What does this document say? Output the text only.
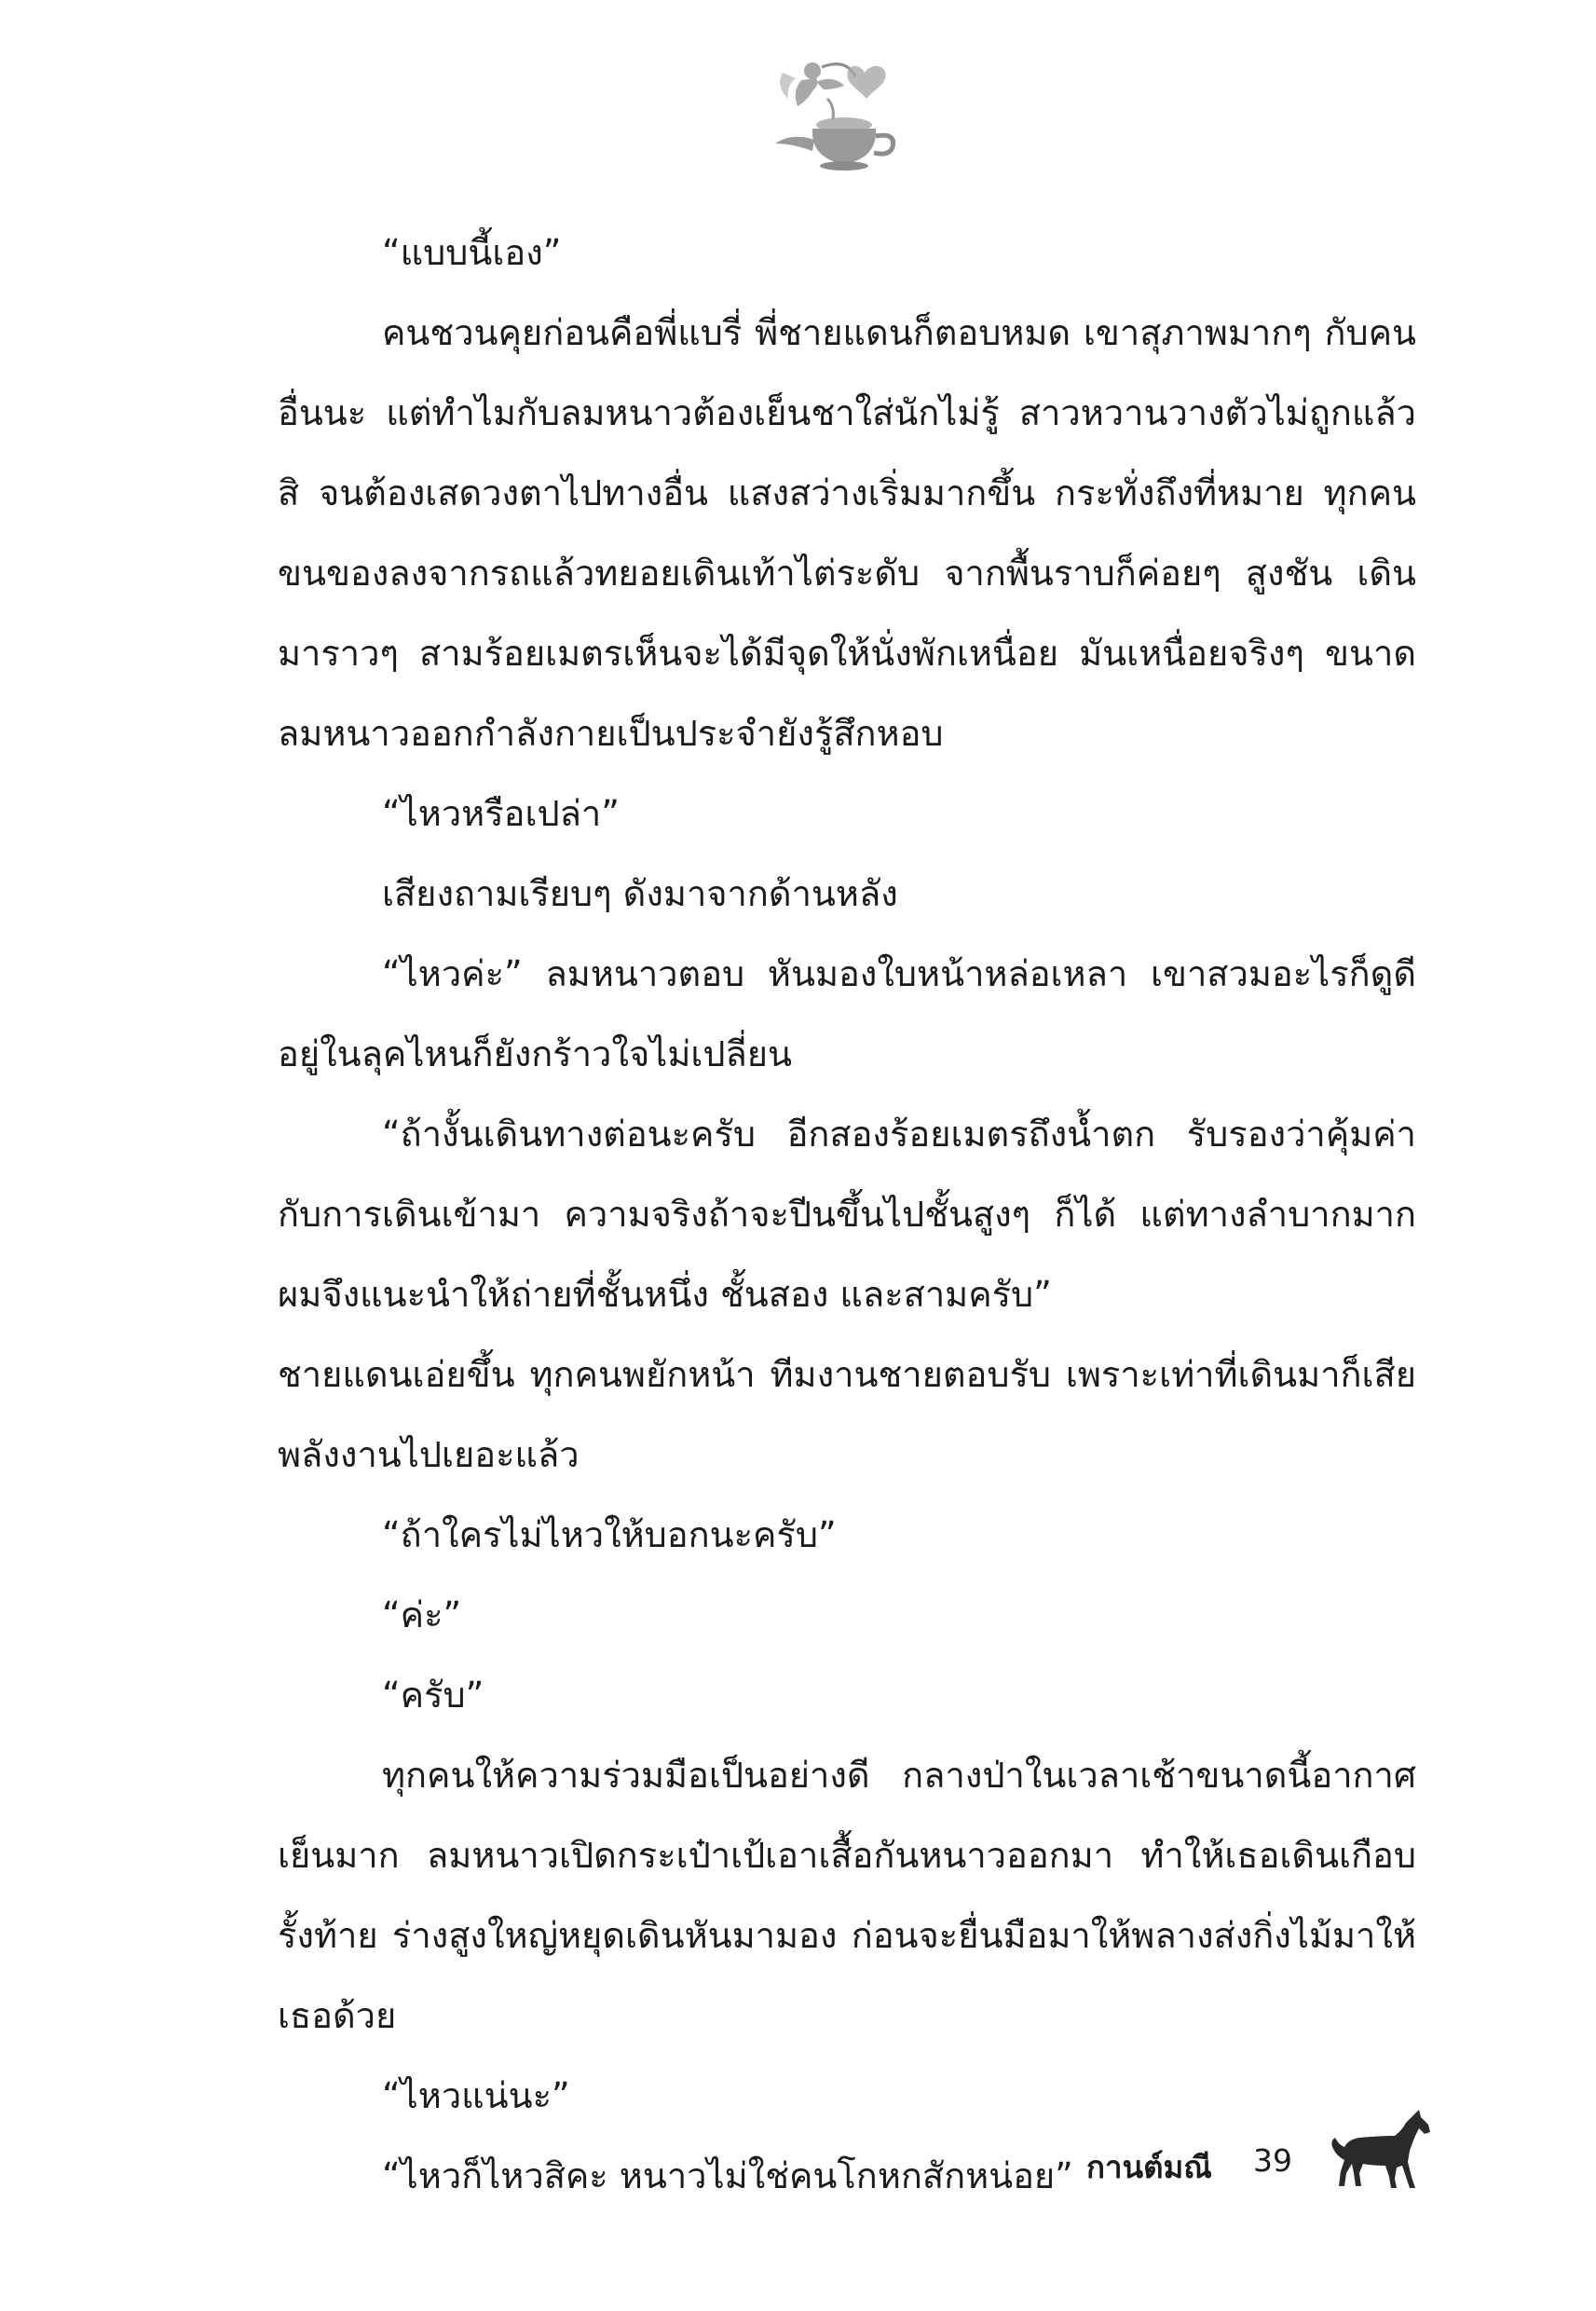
“แบบนี้เอง”

คนชวนคุยก่อนคือพี่แบรี่ พี่ชายแดนก็ตอบหมด เขาสุภาพมากๆ กับคนอื่นนะ แต่ทำไมกับลมหนาวต้องเย็นชาใส่นักไม่รู้ สาวหวานวางตัวไม่ถูกแล้วสิ จนต้องเสดวงตาไปทางอื่น แสงสว่างเริ่มมากขึ้น กระทั่งถึงที่หมาย ทุกคนขนของลงจากรถแล้วทยอยเดินเท้าไต่ระดับ จากพื้นราบก็ค่อยๆ สูงชัน เดินมาราวๆ สามร้อยเมตรเห็นจะได้มีจุดให้นั่งพักเหนื่อย มันเหนื่อยจริงๆ ขนาดลมหนาวออกกำลังกายเป็นประจำยังรู้สึกหอบ

“ไหวหรือเปล่า”

เสียงถามเรียบๆ ดังมาจากด้านหลัง

“ไหวค่ะ” ลมหนาวตอบ หันมองใบหน้าหล่อเหลา เขาสวมอะไรก็ดูดี อยู่ในลุคไหนก็ยังกร้าวใจไม่เปลี่ยน

“ถ้างั้นเดินทางต่อนะครับ อีกสองร้อยเมตรถึงน้ำตก รับรองว่าคุ้มค่ากับการเดินเข้ามา ความจริงถ้าจะปีนขึ้นไปชั้นสูงๆ ก็ได้ แต่ทางลำบากมาก ผมจึงแนะนำให้ถ่ายที่ชั้นหนึ่ง ชั้นสอง และสามครับ”

ชายแดนเอ่ยขึ้น ทุกคนพยักหน้า ทีมงานชายตอบรับ เพราะเท่าที่เดินมาก็เสียพลังงานไปเยอะแล้ว

“ถ้าใครไม่ไหวให้บอกนะครับ”

“ค่ะ”

“ครับ”

ทุกคนให้ความร่วมมือเป็นอย่างดี กลางป่าในเวลาเช้าขนาดนี้อากาศเย็นมาก ลมหนาวเปิดกระเป๋าเป้เอาเสื้อกันหนาวออกมา ทำให้เธอเดินเกือบรั้งท้าย ร่างสูงใหญ่หยุดเดินหันมามอง ก่อนจะยื่นมือมาให้พลางส่งกิ่งไม้มาให้เธอด้วย

“ไหวแน่นะ”

“ไหวก็ไหวสิคะ หนาวไม่ใช่คนโกหกสักหน่อย” กานต์มณี 39
